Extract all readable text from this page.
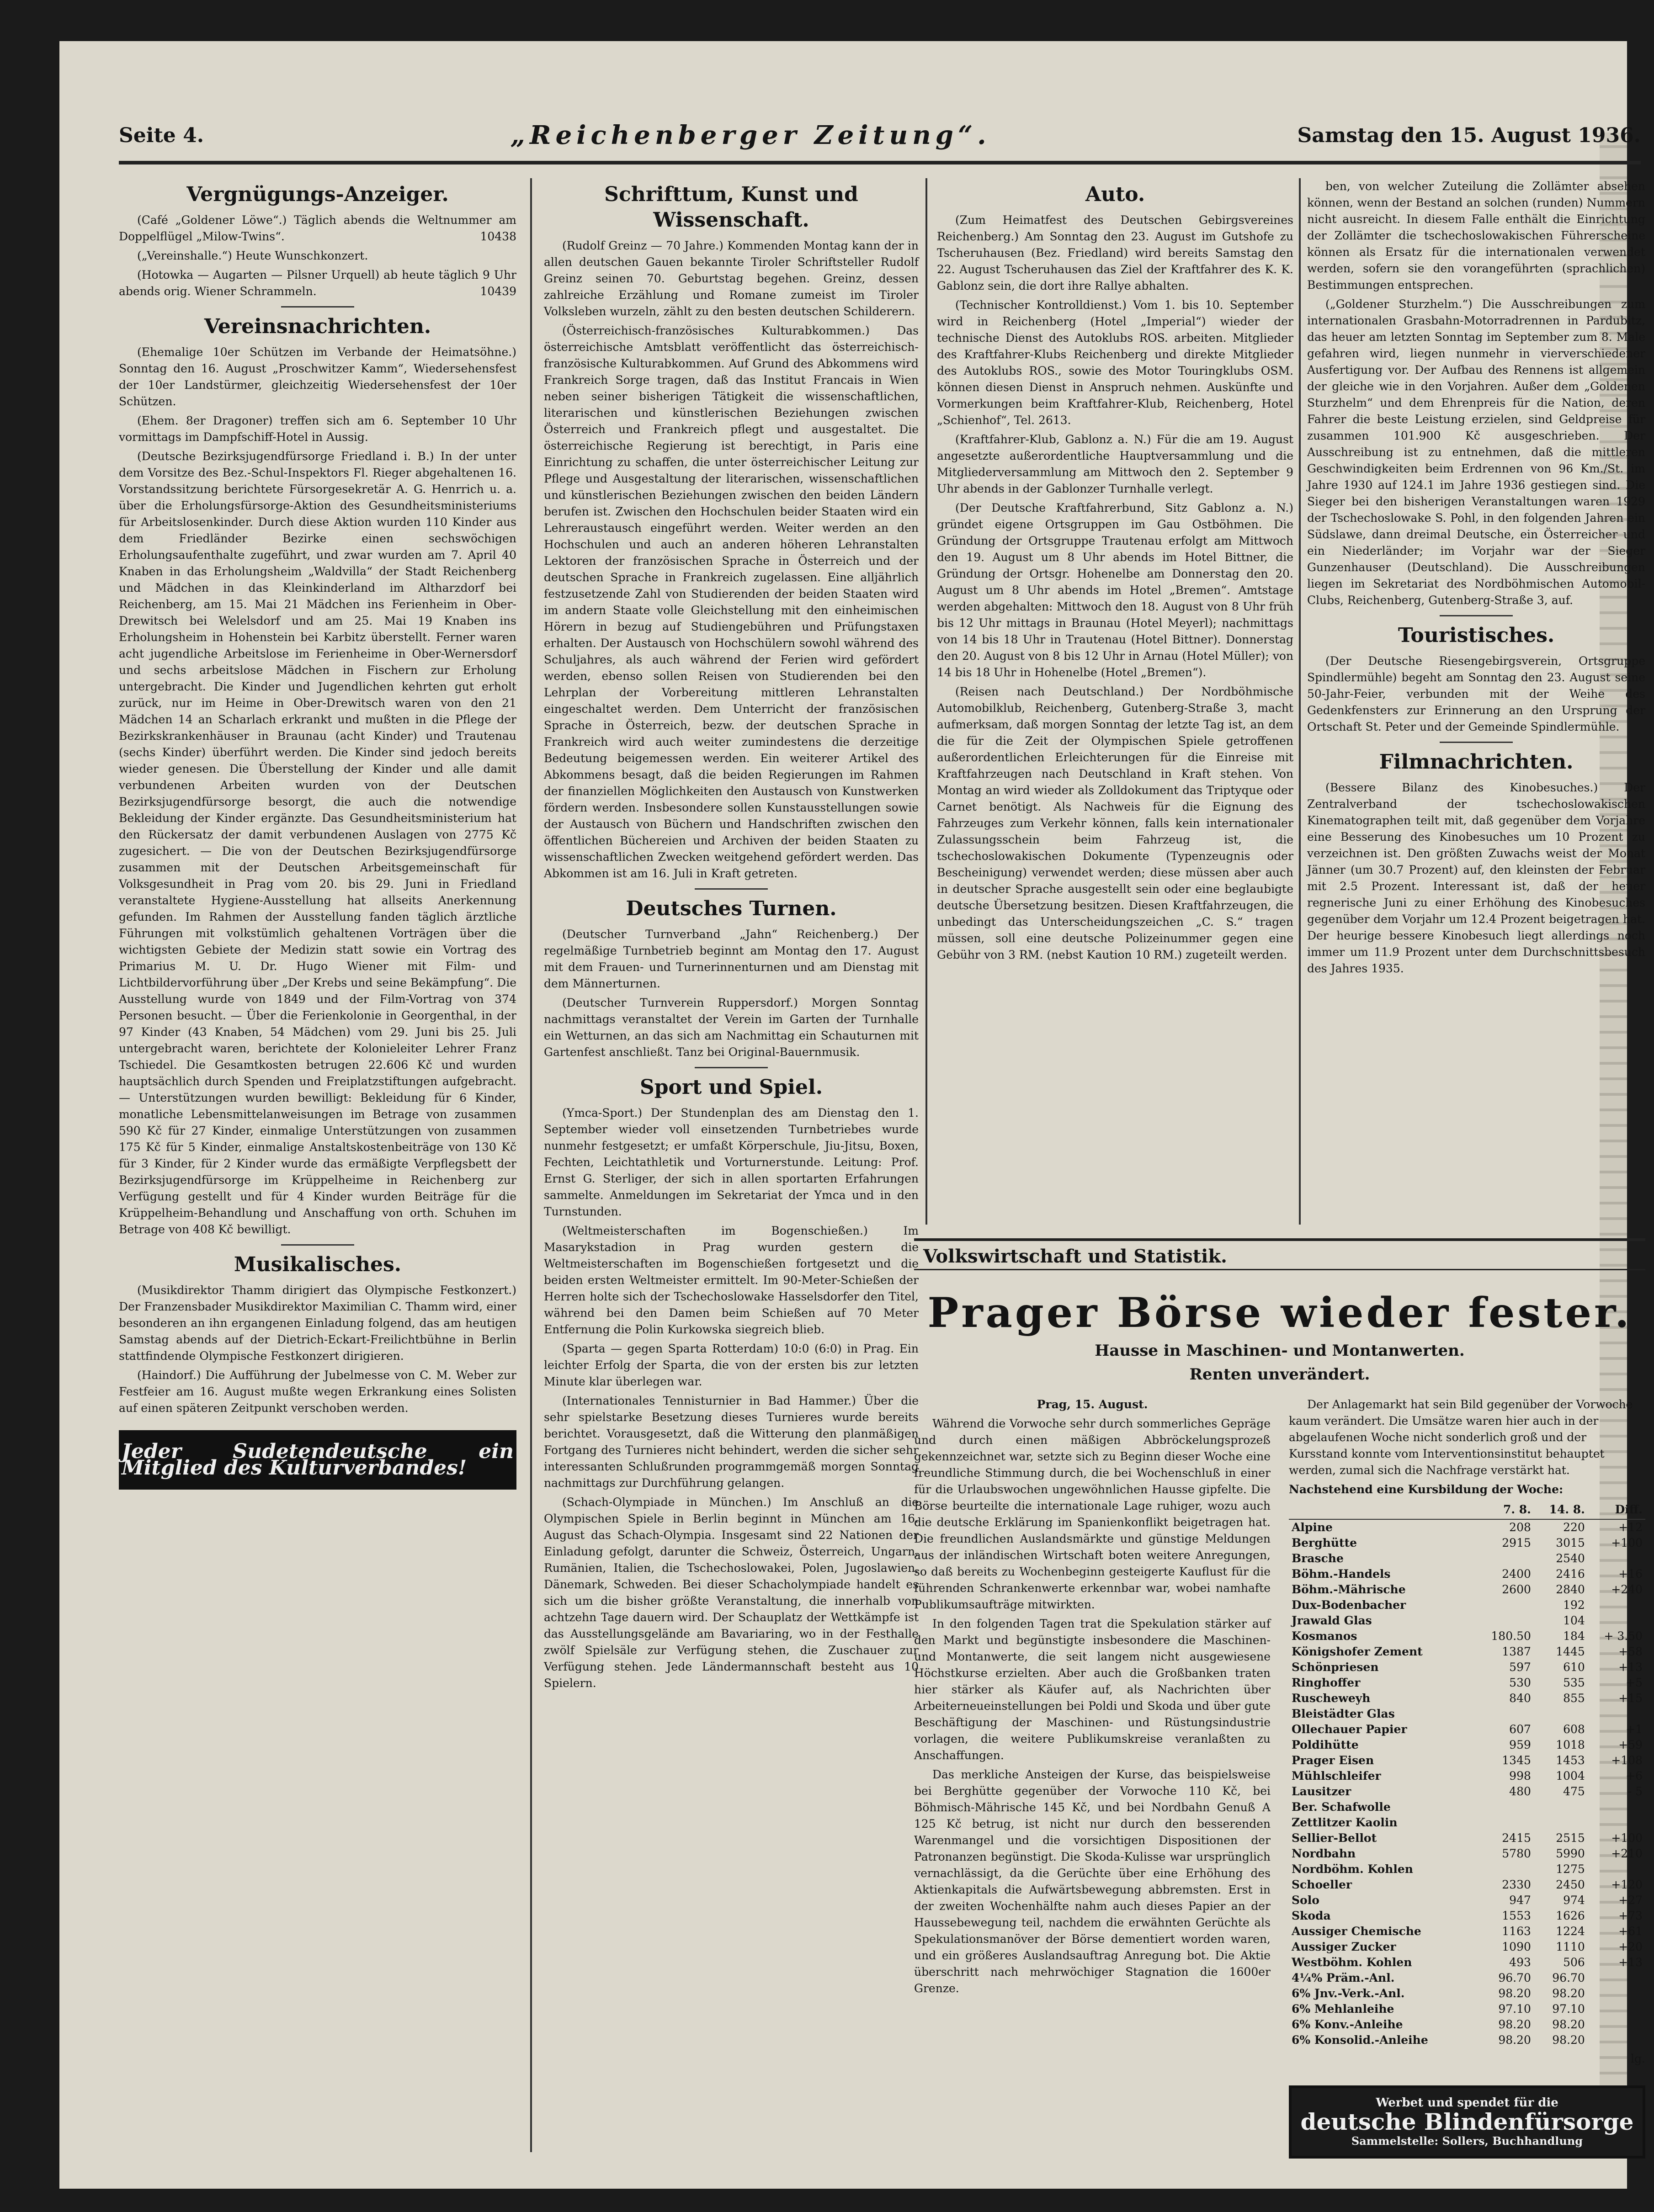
Seite 4.	„Reichenberger Zeitung“.	Samstag den 15. August 1936.
Vergnügungs-Anzeiger.
(Café „Goldener Löwe“.) Täglich abends die Weltnummer am Doppelflügel „Milow-Twins“.	10438
(„Vereinshalle.“) Heute Wunschkonzert.
(Hotowka — Augarten — Pilsner Urquell) ab heute täglich 9 Uhr abends orig. Wiener Schrammeln.	10439
Vereinsnachrichten.
(Ehemalige 10er Schützen im Verbande der Heimatsöhne.) Sonntag den 16. August „Proschwitzer Kamm“, Wiedersehensfest der 10er Landstürmer, gleichzeitig Wiedersehensfest der 10er Schützen.
(Ehem. 8er Dragoner) treffen sich am 6. September 10 Uhr vormittags im Dampfschiff-Hotel in Aussig.
(Deutsche Bezirksjugendfürsorge Friedland i. B.) In der unter dem Vorsitze des Bez.-Schul-Inspektors Fl. Rieger abgehaltenen 16. Vorstandssitzung berichtete Fürsorgesekretär A. G. Henrrich u. a. über die Erholungsfürsorge-Aktion des Gesundheitsministeriums für Arbeitslosenkinder. Durch diese Aktion wurden 110 Kinder aus dem Friedländer Bezirke einen sechswöchigen Erholungsaufenthalte zugeführt, und zwar wurden am 7. April 40 Knaben in das Erholungsheim „Waldvilla“ der Stadt Reichenberg und Mädchen in das Kleinkinderland im Altharzdorf bei Reichenberg, am 15. Mai 21 Mädchen ins Ferienheim in Ober-Drewitsch bei Welelsdorf und am 25. Mai 19 Knaben ins Erholungsheim in Hohenstein bei Karbitz überstellt. Ferner waren acht jugendliche Arbeitslose im Ferienheime in Ober-Wernersdorf und sechs arbeitslose Mädchen in Fischern zur Erholung untergebracht. Die Kinder und Jugendlichen kehrten gut erholt zurück, nur im Heime in Ober-Drewitsch waren von den 21 Mädchen 14 an Scharlach erkrankt und mußten in die Pflege der Bezirkskrankenhäuser in Braunau (acht Kinder) und Trautenau (sechs Kinder) überführt werden. Die Kinder sind jedoch bereits wieder genesen. Die Überstellung der Kinder und alle damit verbundenen Arbeiten wurden von der Deutschen Bezirksjugendfürsorge besorgt, die auch die notwendige Bekleidung der Kinder ergänzte. Das Gesundheitsministerium hat den Rückersatz der damit verbundenen Auslagen von 2775 Kč zugesichert. — Die von der Deutschen Bezirksjugendfürsorge zusammen mit der Deutschen Arbeitsgemeinschaft für Volksgesundheit in Prag vom 20. bis 29. Juni in Friedland veranstaltete Hygiene-Ausstellung hat allseits Anerkennung gefunden. Im Rahmen der Ausstellung fanden täglich ärztliche Führungen mit volkstümlich gehaltenen Vorträgen über die wichtigsten Gebiete der Medizin statt sowie ein Vortrag des Primarius M. U. Dr. Hugo Wiener mit Film- und Lichtbildervorführung über „Der Krebs und seine Bekämpfung“. Die Ausstellung wurde von 1849 und der Film-Vortrag von 374 Personen besucht. — Über die Ferienkolonie in Georgenthal, in der 97 Kinder (43 Knaben, 54 Mädchen) vom 29. Juni bis 25. Juli untergebracht waren, berichtete der Kolonieleiter Lehrer Franz Tschiedel. Die Gesamtkosten betrugen 22.606 Kč und wurden hauptsächlich durch Spenden und Freiplatzstiftungen aufgebracht. — Unterstützungen wurden bewilligt: Bekleidung für 6 Kinder, monatliche Lebensmittelanweisungen im Betrage von zusammen 590 Kč für 27 Kinder, einmalige Unterstützungen von zusammen 175 Kč für 5 Kinder, einmalige Anstaltskostenbeiträge von 130 Kč für 3 Kinder, für 2 Kinder wurde das ermäßigte Verpflegsbett der Bezirksjugendfürsorge im Krüppelheime in Reichenberg zur Verfügung gestellt und für 4 Kinder wurden Beiträge für die Krüppelheim-Behandlung und Anschaffung von orth. Schuhen im Betrage von 408 Kč bewilligt.
Musikalisches.
(Musikdirektor Thamm dirigiert das Olympische Festkonzert.) Der Franzensbader Musikdirektor Maximilian C. Thamm wird, einer besonderen an ihn ergangenen Einladung folgend, das am heutigen Samstag abends auf der Dietrich-Eckart-Freilichtbühne in Berlin stattfindende Olympische Festkonzert dirigieren.
(Haindorf.) Die Aufführung der Jubelmesse von C. M. Weber zur Festfeier am 16. August mußte wegen Erkrankung eines Solisten auf einen späteren Zeitpunkt verschoben werden.
Jeder Sudetendeutsche ein Mitglied des Kulturverbandes!
Schrifttum, Kunst und Wissenschaft.
(Rudolf Greinz — 70 Jahre.) Kommenden Montag kann der in allen deutschen Gauen bekannte Tiroler Schriftsteller Rudolf Greinz seinen 70. Geburtstag begehen. Greinz, dessen zahlreiche Erzählung und Romane zumeist im Tiroler Volksleben wurzeln, zählt zu den besten deutschen Schilderern.
(Österreichisch-französisches Kulturabkommen.) Das österreichische Amtsblatt veröffentlicht das österreichisch-französische Kulturabkommen. Auf Grund des Abkommens wird Frankreich Sorge tragen, daß das Institut Francais in Wien neben seiner bisherigen Tätigkeit die wissenschaftlichen, literarischen und künstlerischen Beziehungen zwischen Österreich und Frankreich pflegt und ausgestaltet. Die österreichische Regierung ist berechtigt, in Paris eine Einrichtung zu schaffen, die unter österreichischer Leitung zur Pflege und Ausgestaltung der literarischen, wissenschaftlichen und künstlerischen Beziehungen zwischen den beiden Ländern berufen ist. Zwischen den Hochschulen beider Staaten wird ein Lehreraustausch eingeführt werden. Weiter werden an den Hochschulen und auch an anderen höheren Lehranstalten Lektoren der französischen Sprache in Österreich und der deutschen Sprache in Frankreich zugelassen. Eine alljährlich festzusetzende Zahl von Studierenden der beiden Staaten wird im andern Staate volle Gleichstellung mit den einheimischen Hörern in bezug auf Studiengebühren und Prüfungstaxen erhalten. Der Austausch von Hochschülern sowohl während des Schuljahres, als auch während der Ferien wird gefördert werden, ebenso sollen Reisen von Studierenden bei den Lehrplan der Vorbereitung mittleren Lehranstalten eingeschaltet werden. Dem Unterricht der französischen Sprache in Österreich, bezw. der deutschen Sprache in Frankreich wird auch weiter zumindestens die derzeitige Bedeutung beigemessen werden. Ein weiterer Artikel des Abkommens besagt, daß die beiden Regierungen im Rahmen der finanziellen Möglichkeiten den Austausch von Kunstwerken fördern werden. Insbesondere sollen Kunstausstellungen sowie der Austausch von Büchern und Handschriften zwischen den öffentlichen Büchereien und Archiven der beiden Staaten zu wissenschaftlichen Zwecken weitgehend gefördert werden. Das Abkommen ist am 16. Juli in Kraft getreten.
Deutsches Turnen.
(Deutscher Turnverband „Jahn“ Reichenberg.) Der regelmäßige Turnbetrieb beginnt am Montag den 17. August mit dem Frauen- und Turnerinnenturnen und am Dienstag mit dem Männerturnen.
(Deutscher Turnverein Ruppersdorf.) Morgen Sonntag nachmittags veranstaltet der Verein im Garten der Turnhalle ein Wetturnen, an das sich am Nachmittag ein Schauturnen mit Gartenfest anschließt. Tanz bei Original-Bauernmusik.
Sport und Spiel.
(Ymca-Sport.) Der Stundenplan des am Dienstag den 1. September wieder voll einsetzenden Turnbetriebes wurde nunmehr festgesetzt; er umfaßt Körperschule, Jiu-Jitsu, Boxen, Fechten, Leichtathletik und Vorturnerstunde. Leitung: Prof. Ernst G. Sterliger, der sich in allen sportarten Erfahrungen sammelte. Anmeldungen im Sekretariat der Ymca und in den Turnstunden.
(Weltmeisterschaften im Bogenschießen.) Im Masarykstadion in Prag wurden gestern die Weltmeisterschaften im Bogenschießen fortgesetzt und die beiden ersten Weltmeister ermittelt. Im 90-Meter-Schießen der Herren holte sich der Tschechoslowake Hasselsdorfer den Titel, während bei den Damen beim Schießen auf 70 Meter Entfernung die Polin Kurkowska siegreich blieb.
(Sparta — gegen Sparta Rotterdam) 10:0 (6:0) in Prag. Ein leichter Erfolg der Sparta, die von der ersten bis zur letzten Minute klar überlegen war.
(Internationales Tennisturnier in Bad Hammer.) Über die sehr spielstarke Besetzung dieses Turnieres wurde bereits berichtet. Vorausgesetzt, daß die Witterung den planmäßigen Fortgang des Turnieres nicht behindert, werden die sicher sehr interessanten Schlußrunden programmgemäß morgen Sonntag nachmittags zur Durchführung gelangen.
(Schach-Olympiade in München.) Im Anschluß an die Olympischen Spiele in Berlin beginnt in München am 16. August das Schach-Olympia. Insgesamt sind 22 Nationen der Einladung gefolgt, darunter die Schweiz, Österreich, Ungarn, Rumänien, Italien, die Tschechoslowakei, Polen, Jugoslawien, Dänemark, Schweden. Bei dieser Schacholympiade handelt es sich um die bisher größte Veranstaltung, die innerhalb von achtzehn Tage dauern wird. Der Schauplatz der Wettkämpfe ist das Ausstellungsgelände am Bavariaring, wo in der Festhalle zwölf Spielsäle zur Verfügung stehen, die Zuschauer zur Verfügung stehen. Jede Ländermannschaft besteht aus 10 Spielern.
Auto.
(Zum Heimatfest des Deutschen Gebirgsvereines Reichenberg.) Am Sonntag den 23. August im Gutshofe zu Tscheruhausen (Bez. Friedland) wird bereits Samstag den 22. August Tscheruhausen das Ziel der Kraftfahrer des K. K. Gablonz sein, die dort ihre Rallye abhalten.
(Technischer Kontrolldienst.) Vom 1. bis 10. September wird in Reichenberg (Hotel „Imperial“) wieder der technische Dienst des Autoklubs ROS. arbeiten. Mitglieder des Kraftfahrer-Klubs Reichenberg und direkte Mitglieder des Autoklubs ROS., sowie des Motor Touringklubs OSM. können diesen Dienst in Anspruch nehmen. Auskünfte und Vormerkungen beim Kraftfahrer-Klub, Reichenberg, Hotel „Schienhof“, Tel. 2613.
(Kraftfahrer-Klub, Gablonz a. N.) Für die am 19. August angesetzte außerordentliche Hauptversammlung und die Mitgliederversammlung am Mittwoch den 2. September 9 Uhr abends in der Gablonzer Turnhalle verlegt.
(Der Deutsche Kraftfahrerbund, Sitz Gablonz a. N.) gründet eigene Ortsgruppen im Gau Ostböhmen. Die Gründung der Ortsgruppe Trautenau erfolgt am Mittwoch den 19. August um 8 Uhr abends im Hotel Bittner, die Gründung der Ortsgr. Hohenelbe am Donnerstag den 20. August um 8 Uhr abends im Hotel „Bremen“. Amtstage werden abgehalten: Mittwoch den 18. August von 8 Uhr früh bis 12 Uhr mittags in Braunau (Hotel Meyerl); nachmittags von 14 bis 18 Uhr in Trautenau (Hotel Bittner). Donnerstag den 20. August von 8 bis 12 Uhr in Arnau (Hotel Müller); von 14 bis 18 Uhr in Hohenelbe (Hotel „Bremen“).
(Reisen nach Deutschland.) Der Nordböhmische Automobilklub, Reichenberg, Gutenberg-Straße 3, macht aufmerksam, daß morgen Sonntag der letzte Tag ist, an dem die für die Zeit der Olympischen Spiele getroffenen außerordentlichen Erleichterungen für die Einreise mit Kraftfahrzeugen nach Deutschland in Kraft stehen. Von Montag an wird wieder als Zolldokument das Triptyque oder Carnet benötigt. Als Nachweis für die Eignung des Fahrzeuges zum Verkehr können, falls kein internationaler Zulassungsschein beim Fahrzeug ist, die tschechoslowakischen Dokumente (Typenzeugnis oder Bescheinigung) verwendet werden; diese müssen aber auch in deutscher Sprache ausgestellt sein oder eine beglaubigte deutsche Übersetzung besitzen. Diesen Kraftfahrzeugen, die unbedingt das Unterscheidungszeichen „C. S.“ tragen müssen, soll eine deutsche Polizeinummer gegen eine Gebühr von 3 RM. (nebst Kaution 10 RM.) zugeteilt werden.
ben, von welcher Zuteilung die Zollämter absehen können, wenn der Bestand an solchen (runden) Nummern nicht ausreicht. In diesem Falle enthält die Einrichtung der Zollämter die tschechoslowakischen Führerscheine können als Ersatz für die internationalen verwendet werden, sofern sie den vorangeführten (sprachlichen) Bestimmungen entsprechen.
(„Goldener Sturzhelm.“) Die Ausschreibungen zum internationalen Grasbahn-Motorradrennen in Pardubitz, das heuer am letzten Sonntag im September zum 8. Male gefahren wird, liegen nunmehr in vierverschiedener Ausfertigung vor. Der Aufbau des Rennens ist allgemein der gleiche wie in den Vorjahren. Außer dem „Goldenen Sturzhelm“ und dem Ehrenpreis für die Nation, deren Fahrer die beste Leistung erzielen, sind Geldpreise für zusammen 101.900 Kč ausgeschrieben. Der Ausschreibung ist zu entnehmen, daß die mittleren Geschwindigkeiten beim Erdrennen von 96 Km./St. im Jahre 1930 auf 124.1 im Jahre 1936 gestiegen sind. Die Sieger bei den bisherigen Veranstaltungen waren 1929 der Tschechoslowake S. Pohl, in den folgenden Jahren ein Südslawe, dann dreimal Deutsche, ein Österreicher und ein Niederländer; im Vorjahr war der Sieger Gunzenhauser (Deutschland). Die Ausschreibungen liegen im Sekretariat des Nordböhmischen Automobil-Clubs, Reichenberg, Gutenberg-Straße 3, auf.
Touristisches.
(Der Deutsche Riesengebirgsverein, Ortsgruppe Spindlermühle) begeht am Sonntag den 23. August seine 50-Jahr-Feier, verbunden mit der Weihe des Gedenkfensters zur Erinnerung an den Ursprung der Ortschaft St. Peter und der Gemeinde Spindlermühle.
Filmnachrichten.
(Bessere Bilanz des Kinobesuches.) Der Zentralverband der tschechoslowakischen Kinematographen teilt mit, daß gegenüber dem Vorjahre eine Besserung des Kinobesuches um 10 Prozent zu verzeichnen ist. Den größten Zuwachs weist der Monat Jänner (um 30.7 Prozent) auf, den kleinsten der Februar mit 2.5 Prozent. Interessant ist, daß der heuer regnerische Juni zu einer Erhöhung des Kinobesuches gegenüber dem Vorjahr um 12.4 Prozent beigetragen hat. Der heurige bessere Kinobesuch liegt allerdings noch immer um 11.9 Prozent unter dem Durchschnittsbesuch des Jahres 1935.
Volkswirtschaft und Statistik.
Prager Börse wieder fester.
Hausse in Maschinen- und Montanwerten.
Renten unverändert.
Prag, 15. August.
Während die Vorwoche sehr durch sommerliches Gepräge und durch einen mäßigen Abbröckelungsprozeß gekennzeichnet war, setzte sich zu Beginn dieser Woche eine freundliche Stimmung durch, die bei Wochenschluß in einer für die Urlaubswochen ungewöhnlichen Hausse gipfelte. Die Börse beurteilte die internationale Lage ruhiger, wozu auch die deutsche Erklärung im Spanienkonflikt beigetragen hat. Die freundlichen Auslandsmärkte und günstige Meldungen aus der inländischen Wirtschaft boten weitere Anregungen, so daß bereits zu Wochenbeginn gesteigerte Kauflust für die führenden Schrankenwerte erkennbar war, wobei namhafte Publikumsaufträge mitwirkten.
In den folgenden Tagen trat die Spekulation stärker auf den Markt und begünstigte insbesondere die Maschinen- und Montanwerte, die seit langem nicht ausgewiesene Höchstkurse erzielten. Aber auch die Großbanken traten hier stärker als Käufer auf, als Nachrichten über Arbeiterneueinstellungen bei Poldi und Skoda und über gute Beschäftigung der Maschinen- und Rüstungsindustrie vorlagen, die weitere Publikumskreise veranlaßten zu Anschaffungen.
Das merkliche Ansteigen der Kurse, das beispielsweise bei Berghütte gegenüber der Vorwoche 110 Kč, bei Böhmisch-Mährische 145 Kč, und bei Nordbahn Genuß A 125 Kč betrug, ist nicht nur durch den besserenden Warenmangel und die vorsichtigen Dispositionen der Patronanzen begünstigt. Die Skoda-Kulisse war ursprünglich vernachlässigt, da die Gerüchte über eine Erhöhung des Aktienkapitals die Aufwärtsbewegung abbremsten. Erst in der zweiten Wochenhälfte nahm auch dieses Papier an der Haussebewegung teil, nachdem die erwähnten Gerüchte als Spekulationsmanöver der Börse dementiert worden waren, und ein größeres Auslandsauftrag Anregung bot. Die Aktie überschritt nach mehrwöchiger Stagnation die 1600er Grenze.
Der Anlagemarkt hat sein Bild gegenüber der Vorwoche kaum verändert. Die Umsätze waren hier auch in der abgelaufenen Woche nicht sonderlich groß und der Kursstand konnte vom Interventionsinstitut behauptet werden, zumal sich die Nachfrage verstärkt hat.
Nachstehend eine Kursbildung der Woche:
	7. 8.	14. 8.	Diff.
Alpine	208	220	+12
Berghütte	2915	3015	+100
Brasche		2540	
Böhm.-Handels	2400	2416	+16
Böhm.-Mährische	2600	2840	+240
Dux-Bodenbacher		192	
Jrawald Glas		104	
Kosmanos	180.50	184	+ 3.50
Königshofer Zement	1387	1445	+58
Schönpriesen	597	610	+13
Ringhoffer	530	535	+5
Ruscheweyh	840	855	+15
Bleistädter Glas			
Ollechauer Papier	607	608	+1
Poldihütte	959	1018	+59
Prager Eisen	1345	1453	+108
Mühlschleifer	998	1004	+6
Lausitzer	480	475	- 5
Ber. Schafwolle			
Zettlitzer Kaolin			
Sellier-Bellot	2415	2515	+100
Nordbahn	5780	5990	+210
Nordböhm. Kohlen		1275	
Schoeller	2330	2450	+120
Solo	947	974	+27
Skoda	1553	1626	+73
Aussiger Chemische	1163	1224	+61
Aussiger Zucker	1090	1110	+20
Westböhm. Kohlen	493	506	+13
4¼% Präm.-Anl.	96.70	96.70	
6% Jnv.-Verk.-Anl.	98.20	98.20	
6% Mehlanleihe	97.10	97.10	
6% Konv.-Anleihe	98.20	98.20	
6% Konsolid.-Anleihe	98.20	98.20	
lg.
Werbet und spendet für die
deutsche Blindenfürsorge
Sammelstelle: Sollers, Buchhandlung
